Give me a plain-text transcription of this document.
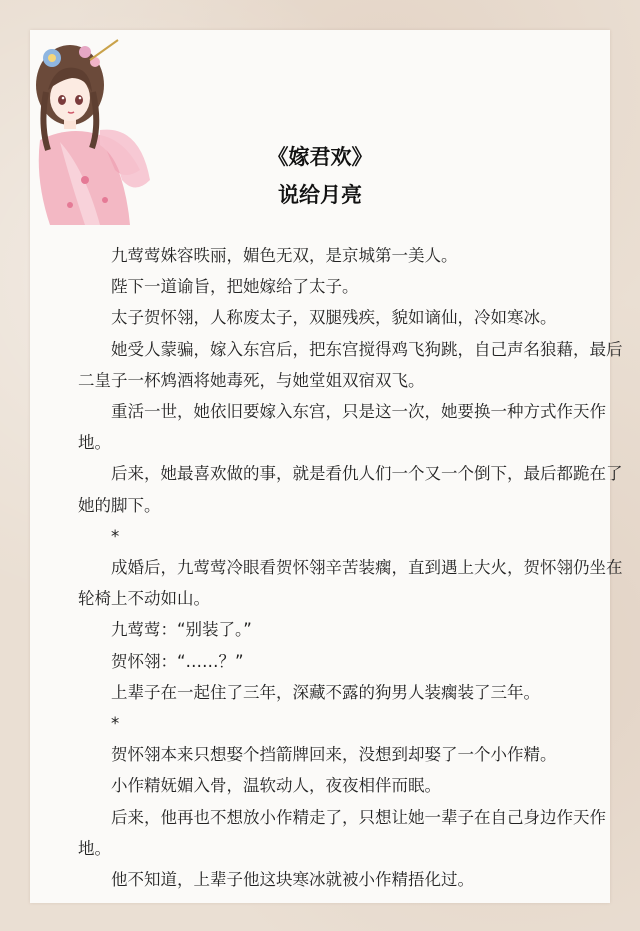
《嫁君欢》
说给月亮

九莺莺姝容昳丽，媚色无双，是京城第一美人。

陛下一道谕旨，把她嫁给了太子。

太子贺怀翎，人称废太子，双腿残疾，貌如谪仙，冷如寒冰。

她受人蒙骗，嫁入东宫后，把东宫搅得鸡飞狗跳，自己声名狼藉，最后二皇子一杯鸩酒将她毒死，与她堂姐双宿双飞。

重活一世，她依旧要嫁入东宫，只是这一次，她要换一种方式作天作地。

后来，她最喜欢做的事，就是看仇人们一个又一个倒下，最后都跪在了她的脚下。

*

成婚后，九莺莺冷眼看贺怀翎辛苦装瘸，直到遇上大火，贺怀翎仍坐在轮椅上不动如山。

九莺莺：“别装了。”

贺怀翎：“……？”

上辈子在一起住了三年，深藏不露的狗男人装瘸装了三年。

*

贺怀翎本来只想娶个挡箭牌回来，没想到却娶了一个小作精。

小作精妩媚入骨，温软动人，夜夜相伴而眠。

后来，他再也不想放小作精走了，只想让她一辈子在自己身边作天作地。

他不知道，上辈子他这块寒冰就被小作精捂化过。
